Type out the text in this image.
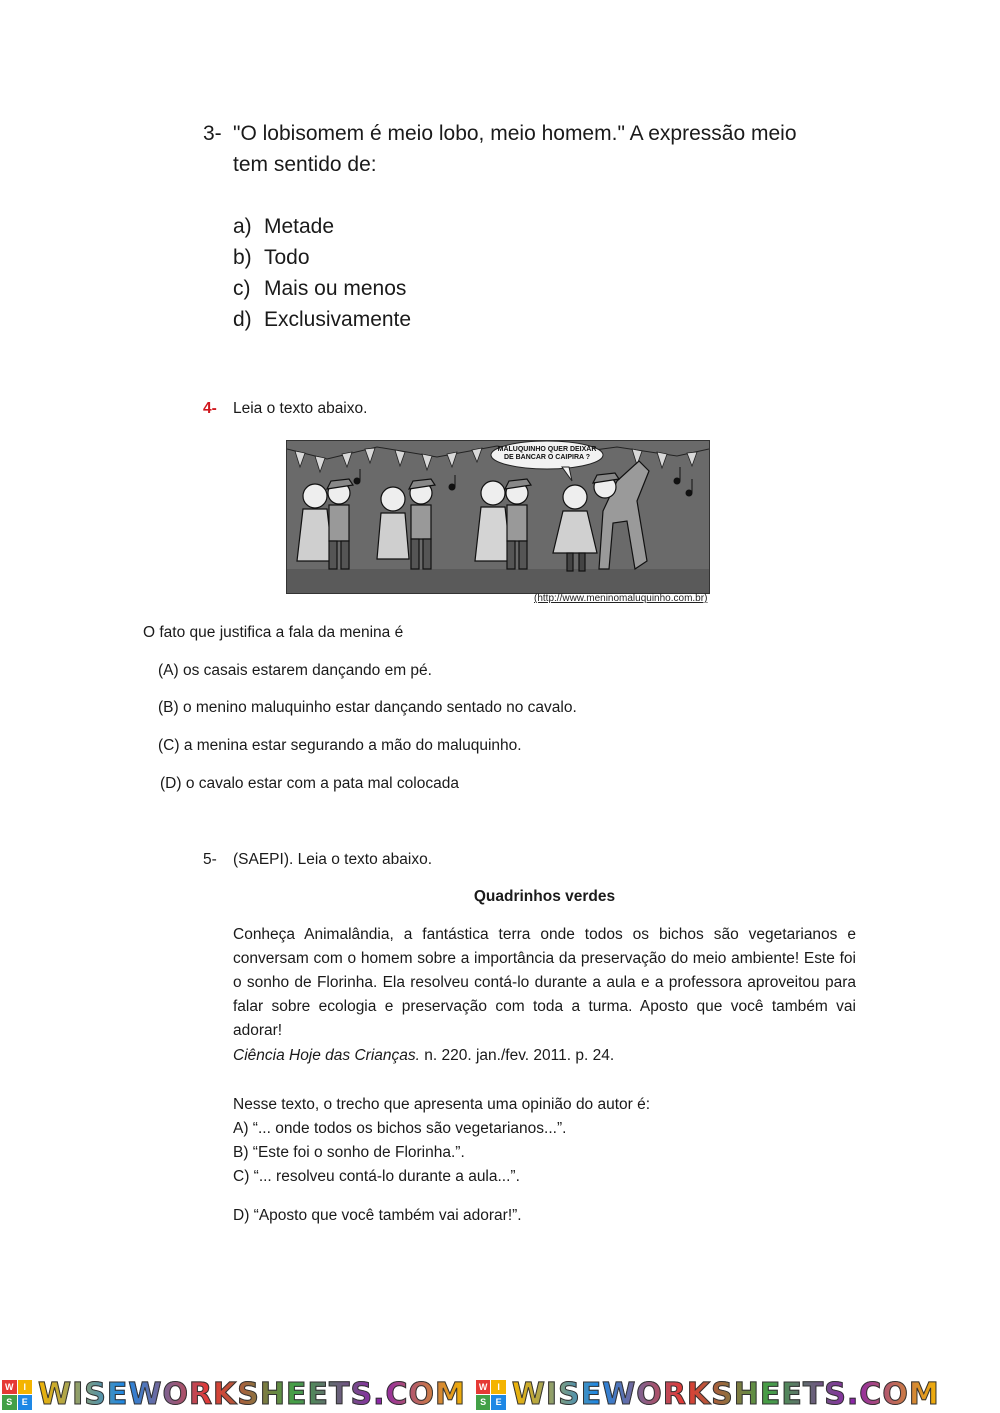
3- "O lobisomem é meio lobo, meio homem." A expressão meio
tem sentido de:
a) Metade
b) Todo
c) Mais ou menos
d) Exclusivamente
4- Leia o texto abaixo.
MALUQUINHO QUER DEIXAR DE BANCAR O CAIPIRA ?
(http://www.meninomaluquinho.com.br)
O fato que justifica a fala da menina é
(A) os casais estarem dançando em pé.
(B) o menino maluquinho estar dançando sentado no cavalo.
(C) a menina estar segurando a mão do maluquinho.
(D) o cavalo estar com a pata mal colocada
5- (SAEPI). Leia o texto abaixo.
Quadrinhos verdes
Conheça Animalândia, a fantástica terra onde todos os bichos são vegetarianos e conversam com o homem sobre a importância da preservação do meio ambiente! Este foi o sonho de Florinha. Ela resolveu contá-lo durante a aula e a professora aproveitou para falar sobre ecologia e preservação com toda a turma. Aposto que você também vai adorar!
Ciência Hoje das Crianças. n. 220. jan./fev. 2011. p. 24.
Nesse texto, o trecho que apresenta uma opinião do autor é:
A) “... onde todos os bichos são vegetarianos...”.
B) “Este foi o sonho de Florinha.”.
C) “... resolveu contá-lo durante a aula...”.
D) “Aposto que você também vai adorar!”.
W	I
S	E WISEWORKSHEETS.COM	W	I
S	E WISEWORKSHEETS.COM
